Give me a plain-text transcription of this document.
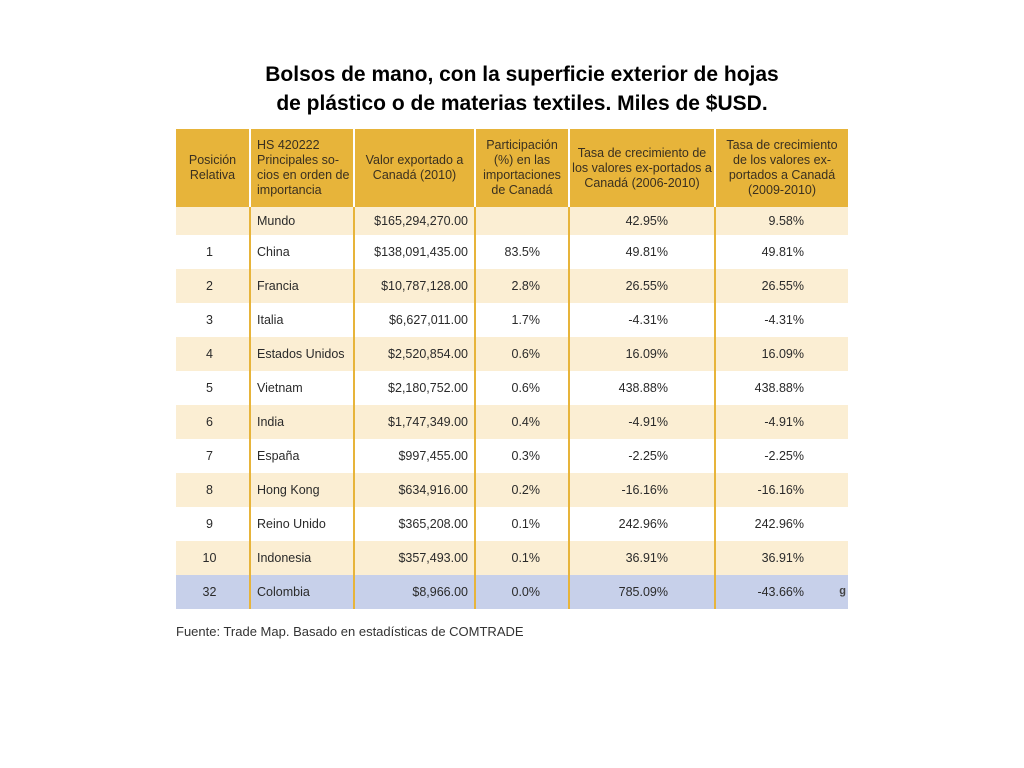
Bolsos de mano, con la superficie exterior de hojas
de plástico o de materias textiles. Miles de $USD.
Posición Relativa	HS 420222 Principales so-cios en orden de importancia	Valor exportado a Canadá (2010)	Participación (%) en las importaciones de Canadá	Tasa de crecimiento de los valores ex-portados a Canadá (2006-2010)	Tasa de crecimiento de los valores ex-portados a Canadá (2009-2010)
	Mundo	$165,294,270.00		42.95%	9.58%
1	China	$138,091,435.00	83.5%	49.81%	49.81%
2	Francia	$10,787,128.00	2.8%	26.55%	26.55%
3	Italia	$6,627,011.00	1.7%	-4.31%	-4.31%
4	Estados Unidos	$2,520,854.00	0.6%	16.09%	16.09%
5	Vietnam	$2,180,752.00	0.6%	438.88%	438.88%
6	India	$1,747,349.00	0.4%	-4.91%	-4.91%
7	España	$997,455.00	0.3%	-2.25%	-2.25%
8	Hong Kong	$634,916.00	0.2%	-16.16%	-16.16%
9	Reino Unido	$365,208.00	0.1%	242.96%	242.96%
10	Indonesia	$357,493.00	0.1%	36.91%	36.91%
32	Colombia	$8,966.00	0.0%	785.09%	-43.66% g
Fuente: Trade Map. Basado en estadísticas de COMTRADE
